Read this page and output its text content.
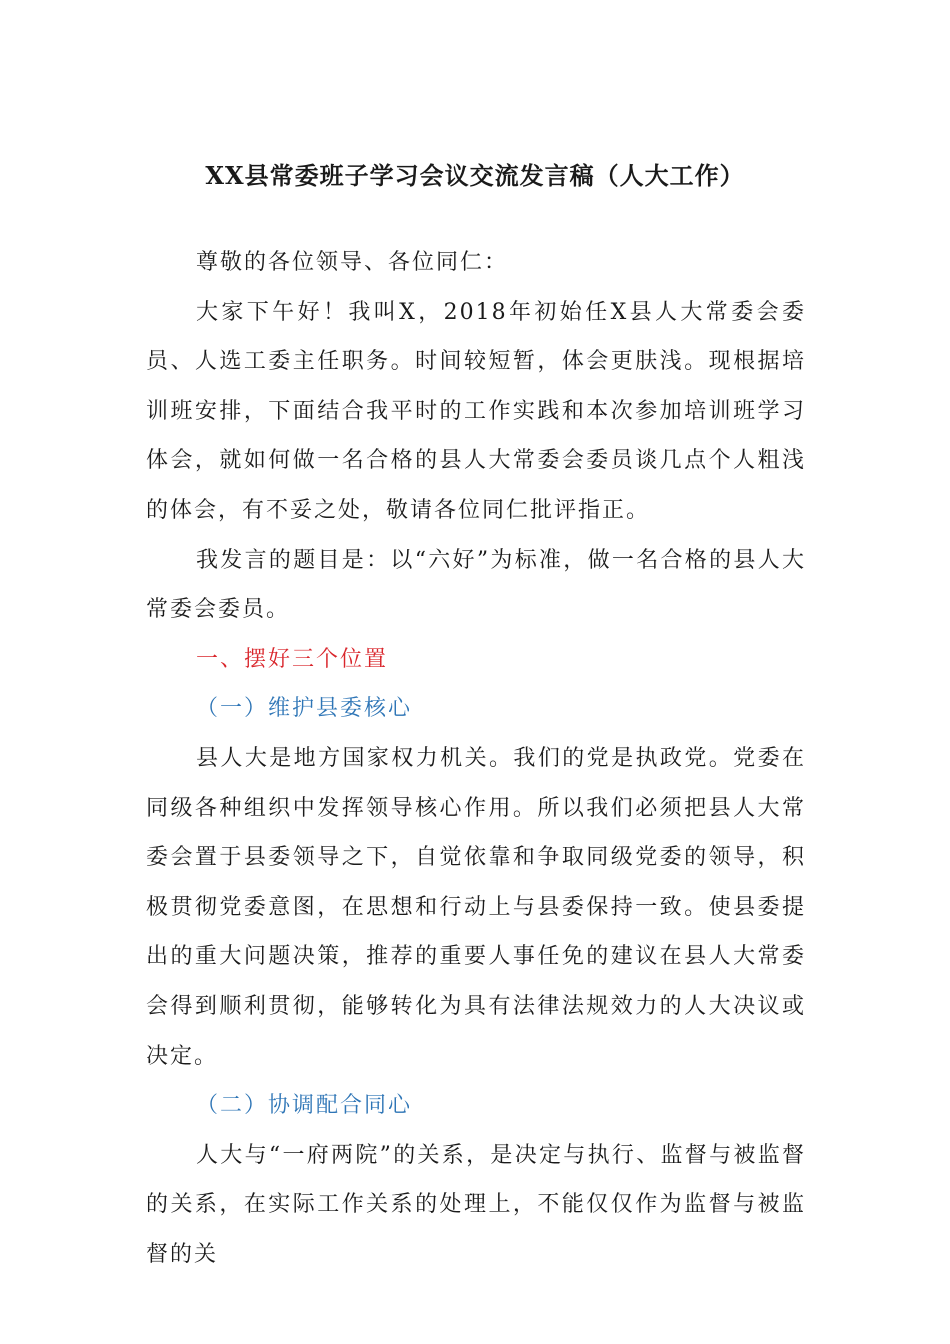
XX县常委班子学习会议交流发言稿（人大工作）

尊敬的各位领导、各位同仁：

大家下午好！我叫X，2018年初始任X县人大常委会委员、人选工委主任职务。时间较短暂，体会更肤浅。现根据培训班安排，下面结合我平时的工作实践和本次参加培训班学习体会，就如何做一名合格的县人大常委会委员谈几点个人粗浅的体会，有不妥之处，敬请各位同仁批评指正。

我发言的题目是：以“六好”为标准，做一名合格的县人大常委会委员。

一、摆好三个位置

（一）维护县委核心

县人大是地方国家权力机关。我们的党是执政党。党委在同级各种组织中发挥领导核心作用。所以我们必须把县人大常委会置于县委领导之下，自觉依靠和争取同级党委的领导，积极贯彻党委意图，在思想和行动上与县委保持一致。使县委提出的重大问题决策，推荐的重要人事任免的建议在县人大常委会得到顺利贯彻，能够转化为具有法律法规效力的人大决议或决定。

（二）协调配合同心

人大与“一府两院”的关系，是决定与执行、监督与被监督的关系，在实际工作关系的处理上，不能仅仅作为监督与被监督的关
